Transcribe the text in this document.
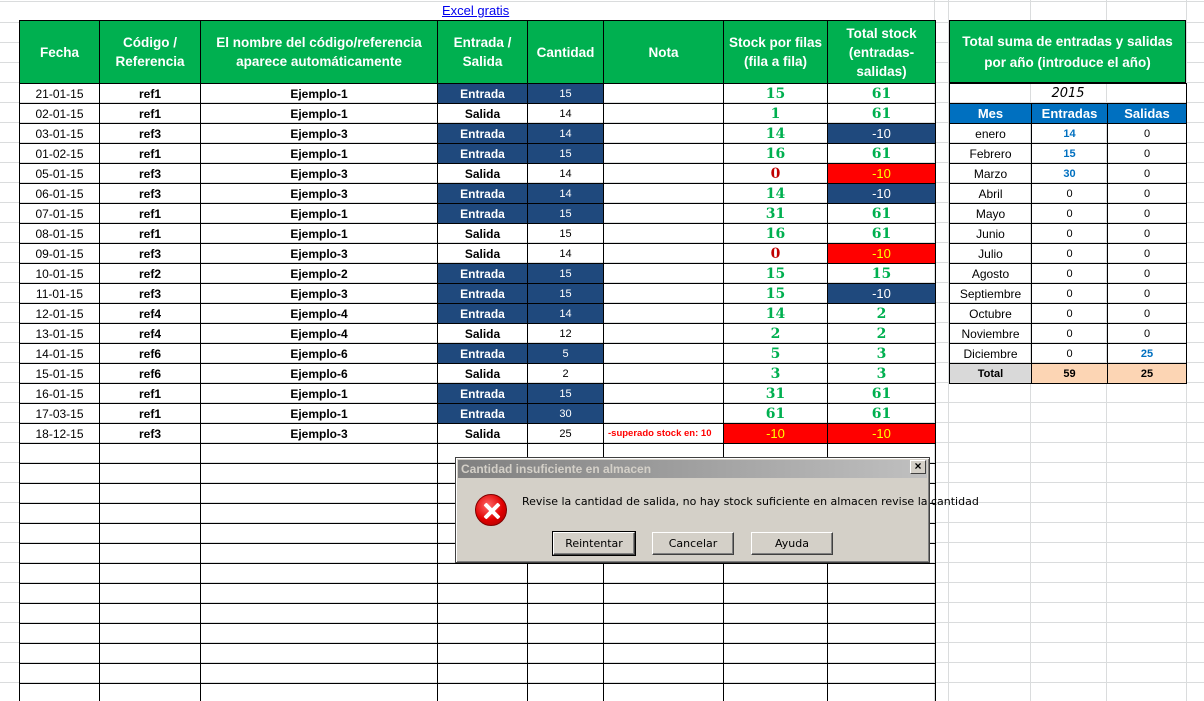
Excel gratis
Fecha	Código / Referencia	El nombre del código/referencia aparece automáticamente	Entrada / Salida	Cantidad	Nota	Stock por filas (fila a fila)	Total stock (entradas-salidas)
21-01-15	ref1	Ejemplo-1	Entrada	15		15	61
02-01-15	ref1	Ejemplo-1	Salida	14		1	61
03-01-15	ref3	Ejemplo-3	Entrada	14		14	-10
01-02-15	ref1	Ejemplo-1	Entrada	15		16	61
05-01-15	ref3	Ejemplo-3	Salida	14		0	-10
06-01-15	ref3	Ejemplo-3	Entrada	14		14	-10
07-01-15	ref1	Ejemplo-1	Entrada	15		31	61
08-01-15	ref1	Ejemplo-1	Salida	15		16	61
09-01-15	ref3	Ejemplo-3	Salida	14		0	-10
10-01-15	ref2	Ejemplo-2	Entrada	15		15	15
11-01-15	ref3	Ejemplo-3	Entrada	15		15	-10
12-01-15	ref4	Ejemplo-4	Entrada	14		14	2
13-01-15	ref4	Ejemplo-4	Salida	12		2	2
14-01-15	ref6	Ejemplo-6	Entrada	5		5	3
15-01-15	ref6	Ejemplo-6	Salida	2		3	3
16-01-15	ref1	Ejemplo-1	Entrada	15		31	61
17-03-15	ref1	Ejemplo-1	Entrada	30		61	61
18-12-15	ref3	Ejemplo-3	Salida	25	-superado stock en: 10	-10	-10

Total suma de entradas y salidas por año (introduce el año)
2015		
Mes	Entradas	Salidas
enero	14	0
Febrero	15	0
Marzo	30	0
Abril	0	0
Mayo	0	0
Junio	0	0
Julio	0	0
Agosto	0	0
Septiembre	0	0
Octubre	0	0
Noviembre	0	0
Diciembre	0	25
Total	59	25
Cantidad insuficiente en almacen	×
Revise la cantidad de salida, no hay stock suficiente en almacen revise la cantidad
Reintentar	Cancelar	Ayuda
